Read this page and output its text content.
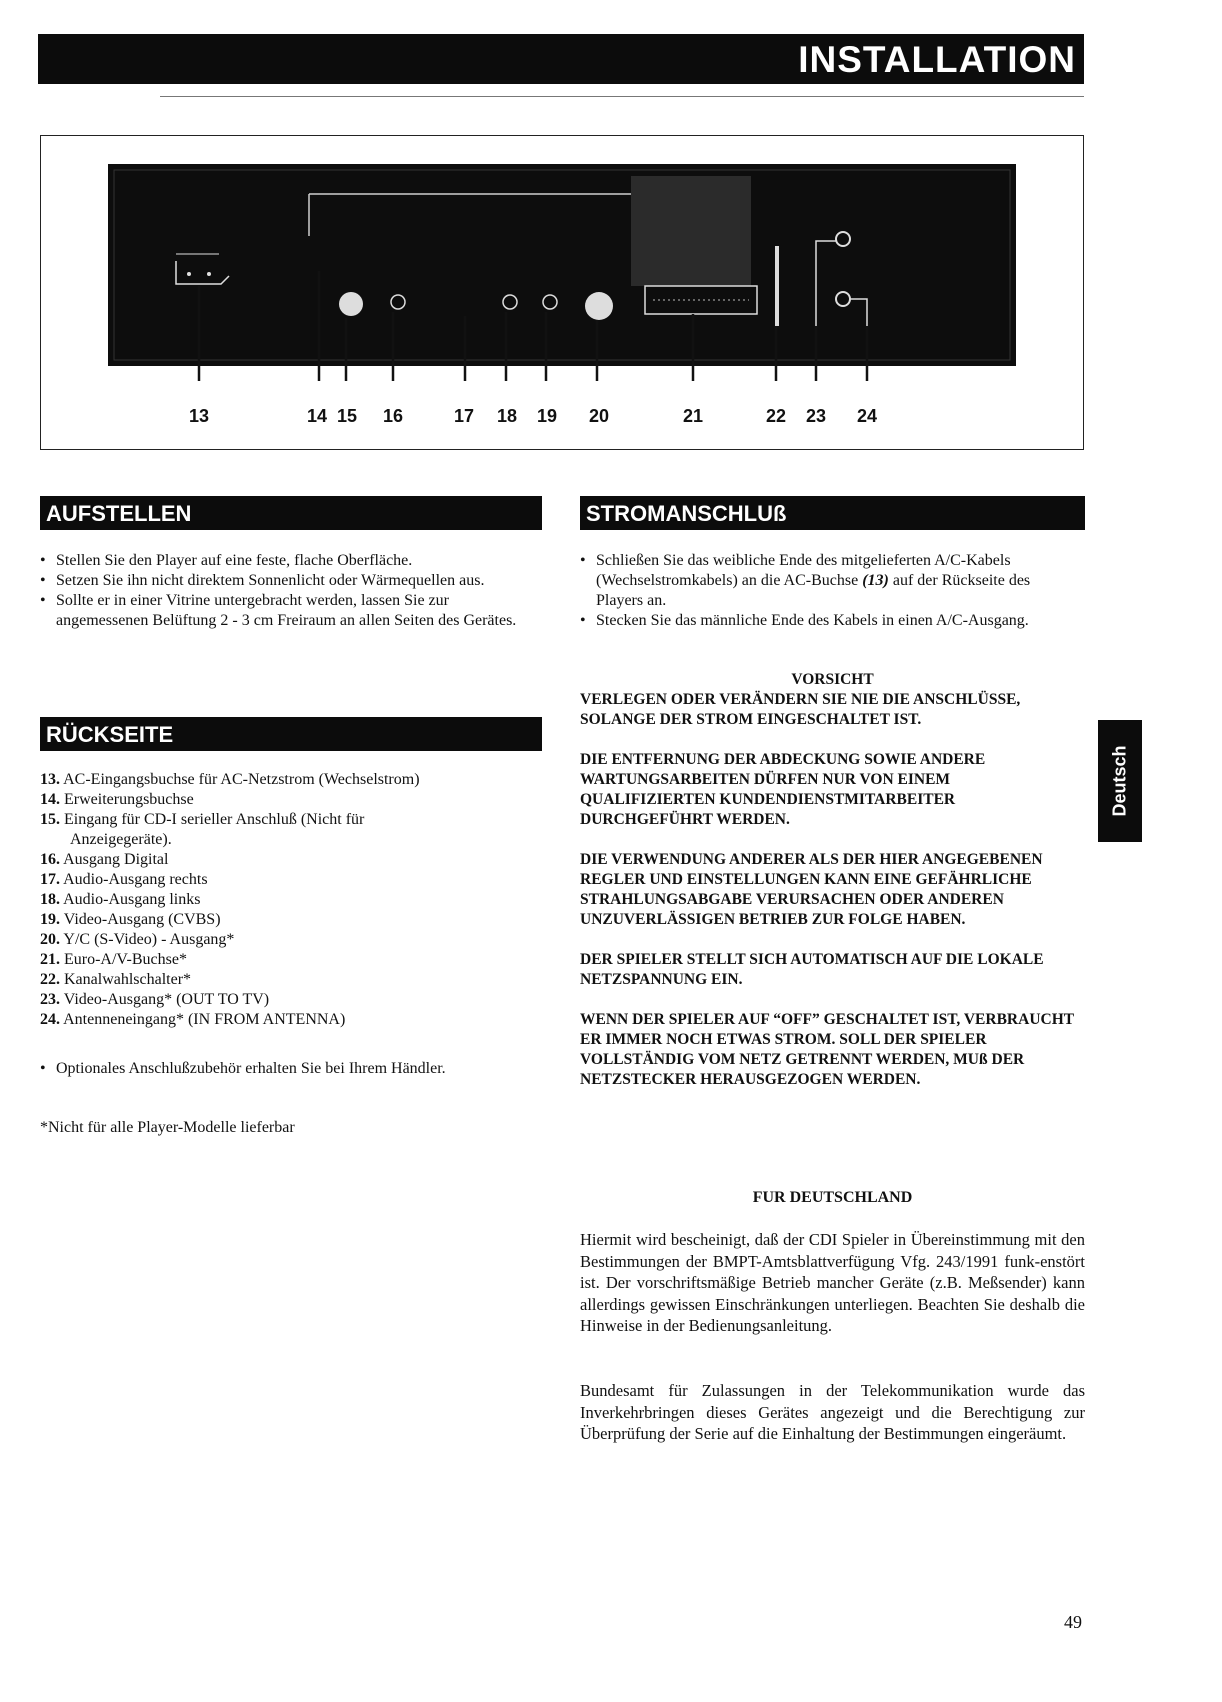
INSTALLATION
13	14 15 16	17 18 19 20	21	22 23 24
AUFSTELLEN
• Stellen Sie den Player auf eine feste, flache Oberfläche.
• Setzen Sie ihn nicht direktem Sonnenlicht oder Wärmequellen aus.
• Sollte er in einer Vitrine untergebracht werden, lassen Sie zur angemessenen Belüftung 2 - 3 cm Freiraum an allen Seiten des Gerätes.
RÜCKSEITE
13. AC-Eingangsbuchse für AC-Netzstrom (Wechselstrom)
14. Erweiterungsbuchse
15. Eingang für CD-I serieller Anschluß (Nicht für
Anzeigegeräte).
16. Ausgang Digital
17. Audio-Ausgang rechts
18. Audio-Ausgang links
19. Video-Ausgang (CVBS)
20. Y/C (S-Video) - Ausgang*
21. Euro-A/V-Buchse*
22. Kanalwahlschalter*
23. Video-Ausgang* (OUT TO TV)
24. Antenneneingang* (IN FROM ANTENNA)
• Optionales Anschlußzubehör erhalten Sie bei Ihrem Händler.
*Nicht für alle Player-Modelle lieferbar
STROMANSCHLUß
• Schließen Sie das weibliche Ende des mitgelieferten A/C-Kabels (Wechselstromkabels) an die AC-Buchse (13) auf der Rückseite des Players an.
• Stecken Sie das männliche Ende des Kabels in einen A/C-Ausgang.
VORSICHT

VERLEGEN ODER VERÄNDERN SIE NIE DIE ANSCHLÜSSE, SOLANGE DER STROM EINGESCHALTET IST.

DIE ENTFERNUNG DER ABDECKUNG SOWIE ANDERE WARTUNGSARBEITEN DÜRFEN NUR VON EINEM QUALIFIZIERTEN KUNDENDIENSTMITARBEITER DURCHGEFÜHRT WERDEN.

DIE VERWENDUNG ANDERER ALS DER HIER ANGEGEBENEN REGLER UND EINSTELLUNGEN KANN EINE GEFÄHRLICHE STRAHLUNGSABGABE VERURSACHEN ODER ANDEREN UNZUVERLÄSSIGEN BETRIEB ZUR FOLGE HABEN.

DER SPIELER STELLT SICH AUTOMATISCH AUF DIE LOKALE NETZSPANNUNG EIN.

WENN DER SPIELER AUF “OFF” GESCHALTET IST, VERBRAUCHT ER IMMER NOCH ETWAS STROM. SOLL DER SPIELER VOLLSTÄNDIG VOM NETZ GETRENNT WERDEN, MUß DER NETZSTECKER HERAUSGEZOGEN WERDEN.

FUR DEUTSCHLAND

Hiermit wird bescheinigt, daß der CDI Spieler in Übereinstimmung mit den Bestimmungen der BMPT-Amtsblattverfügung Vfg. 243/1991 funk-enstört ist. Der vorschriftsmäßige Betrieb mancher Geräte (z.B. Meßsender) kann allerdings gewissen Einschränkungen unterliegen. Beachten Sie deshalb die Hinweise in der Bedienungsanleitung.

Bundesamt für Zulassungen in der Telekommunikation wurde das Inverkehrbringen dieses Gerätes angezeigt und die Berechtigung zur Überprüfung der Serie auf die Einhaltung der Bestimmungen eingeräumt.

Deutsch
49
